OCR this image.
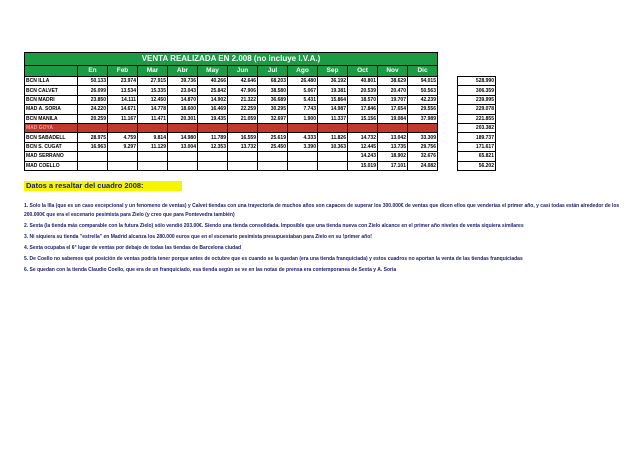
VENTA REALIZADA EN 2.008 (no incluye I.V.A.)														
	En	Feb	Mar	Abr	May	Jun	Jul	Ago	Sep	Oct	Nov	Dic		
BCN ILLA	50.133	23.974	27.915	39.736	40.266	42.646	68.203	26.480	36.192	40.801	38.629	94.015		528.990
BCN CALVET	26.099	13.534	15.335	23.043	25.842	47.906	38.580	5.067	19.381	20.539	20.470	50.563		306.359
BCN MADRI	23.850	14.111	12.450	14.870	14.902	21.322	36.689	5.431	15.864	18.570	19.707	42.239		239.995
MAD A. SORIA	24.220	14.671	14.778	18.600	16.469	22.259	30.295	7.743	14.987	17.846	17.654	29.556		229.078
BCN MANILA	20.259	11.167	11.471	20.301	19.435	21.059	32.697	1.900	11.337	15.156	19.084	37.989		221.855
MAD GOYA	24.020	12.307	14.893	21.518	14.970	20.450	23.690	7.334	10.152	12.307	14.087	28.006		203.382
BCN SABADELL	28.975	4.759	9.814	14.980	11.789	16.559	25.619	4.333	11.826	14.732	13.042	33.309		189.737
BCN S. CUGAT	16.963	9.297	11.129	13.004	12.353	13.732	25.450	3.390	10.363	12.445	13.735	29.756		171.617
MAD SERRANO										14.243	18.902	32.676		65.821
MAD COELLO										15.019	17.101	24.082		56.202
Datos a resaltar del cuadro 2008:

1. Solo la Illa (que es un caso excepcional y un fenomeno de ventas) y Calvet tiendas con una trayectoria de muchos años son capaces de superar los 300.000€ de ventas que dicen ellos que venderías el primer año, y casi todas están alrededor de los 200.000€ que era el escenario pesimista para Zielo (y creo que para Pontevedra también)

2. Sexta (la tienda más comparable con la futura Zielo) sólo vendió 203.00€. Siendo una tienda consolidada. Imposible que una tienda nueva con Zielo alcance en el primer año niveles de venta siquiera similares

3. Ni siquiera su tienda "estrella" en Madrid alcanza los 280.000 euros que en el escenario pesimista presupuestaban para Zielo en su !primer año!

4. Sexta ocupaba el 6° lugar de ventas por debajo de todas las tiendas de Barcelona ciudad

5. De Coello no sabemos qué posición de ventas podría tener porque antes de octubre que es cuando se la quedan (era una tienda franquiciada) y estos cuadros no aportan la venta de las tiendas franquiciadas

6. Se quedan con la tienda Claudio Coello, que era de un franquiciado, esa tienda según se ve en las notas de prensa era contemporanea de Sexta y A. Soria
